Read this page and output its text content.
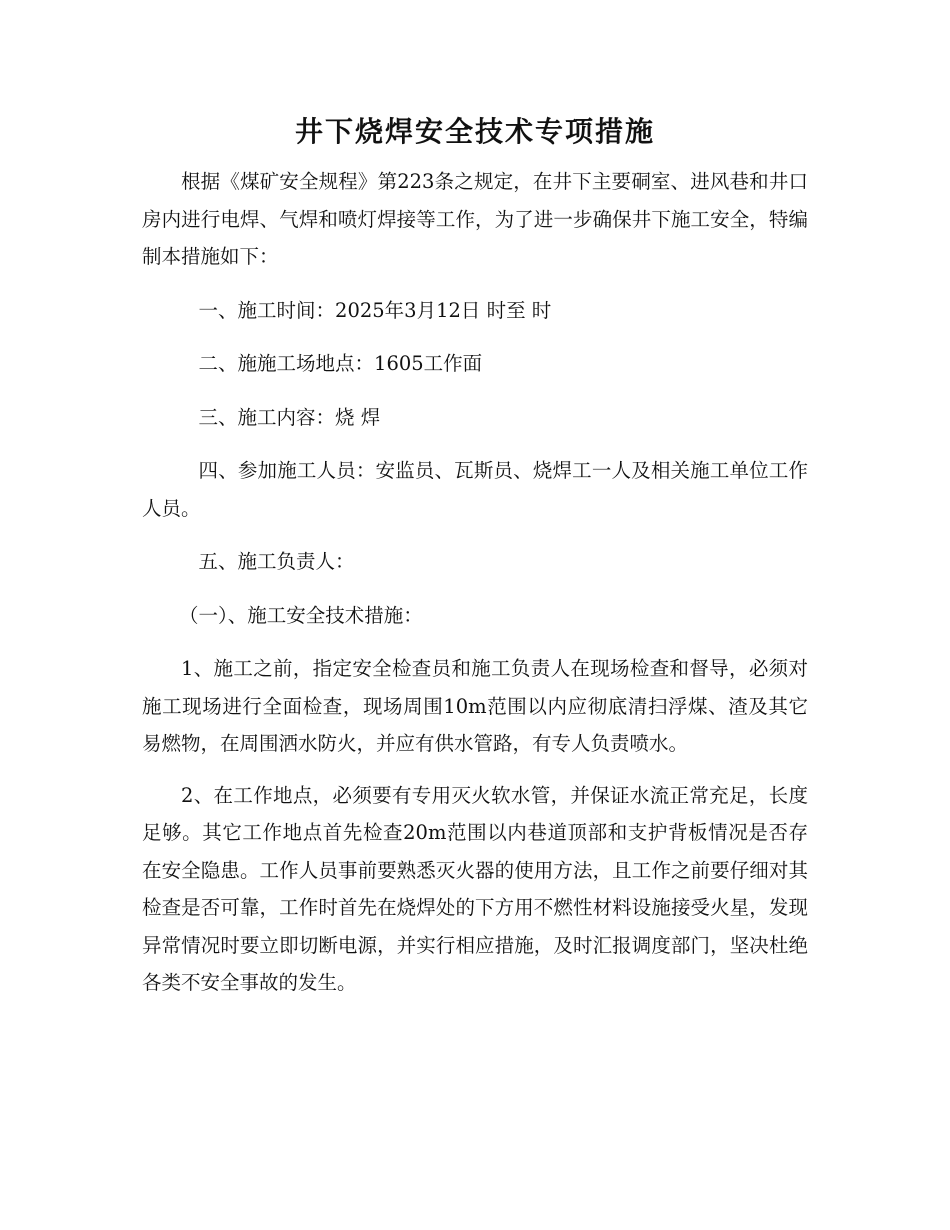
井下烧焊安全技术专项措施

根据《煤矿安全规程》第223条之规定，在井下主要硐室、进风巷和井口房内进行电焊、气焊和喷灯焊接等工作，为了进一步确保井下施工安全，特编制本措施如下：

一、施工时间：2025年3月12日 时至 时

二、施施工场地点：1605工作面

三、施工内容：烧 焊

四、参加施工人员：安监员、瓦斯员、烧焊工一人及相关施工单位工作人员。

五、施工负责人：

（一）、施工安全技术措施：

1、施工之前，指定安全检查员和施工负责人在现场检查和督导，必须对施工现场进行全面检查，现场周围10m范围以内应彻底清扫浮煤、渣及其它易燃物，在周围洒水防火，并应有供水管路，有专人负责喷水。

2、在工作地点，必须要有专用灭火软水管，并保证水流正常充足，长度足够。其它工作地点首先检查20m范围以内巷道顶部和支护背板情况是否存在安全隐患。工作人员事前要熟悉灭火器的使用方法，且工作之前要仔细对其检查是否可靠，工作时首先在烧焊处的下方用不燃性材料设施接受火星，发现异常情况时要立即切断电源，并实行相应措施，及时汇报调度部门，坚决杜绝各类不安全事故的发生。
